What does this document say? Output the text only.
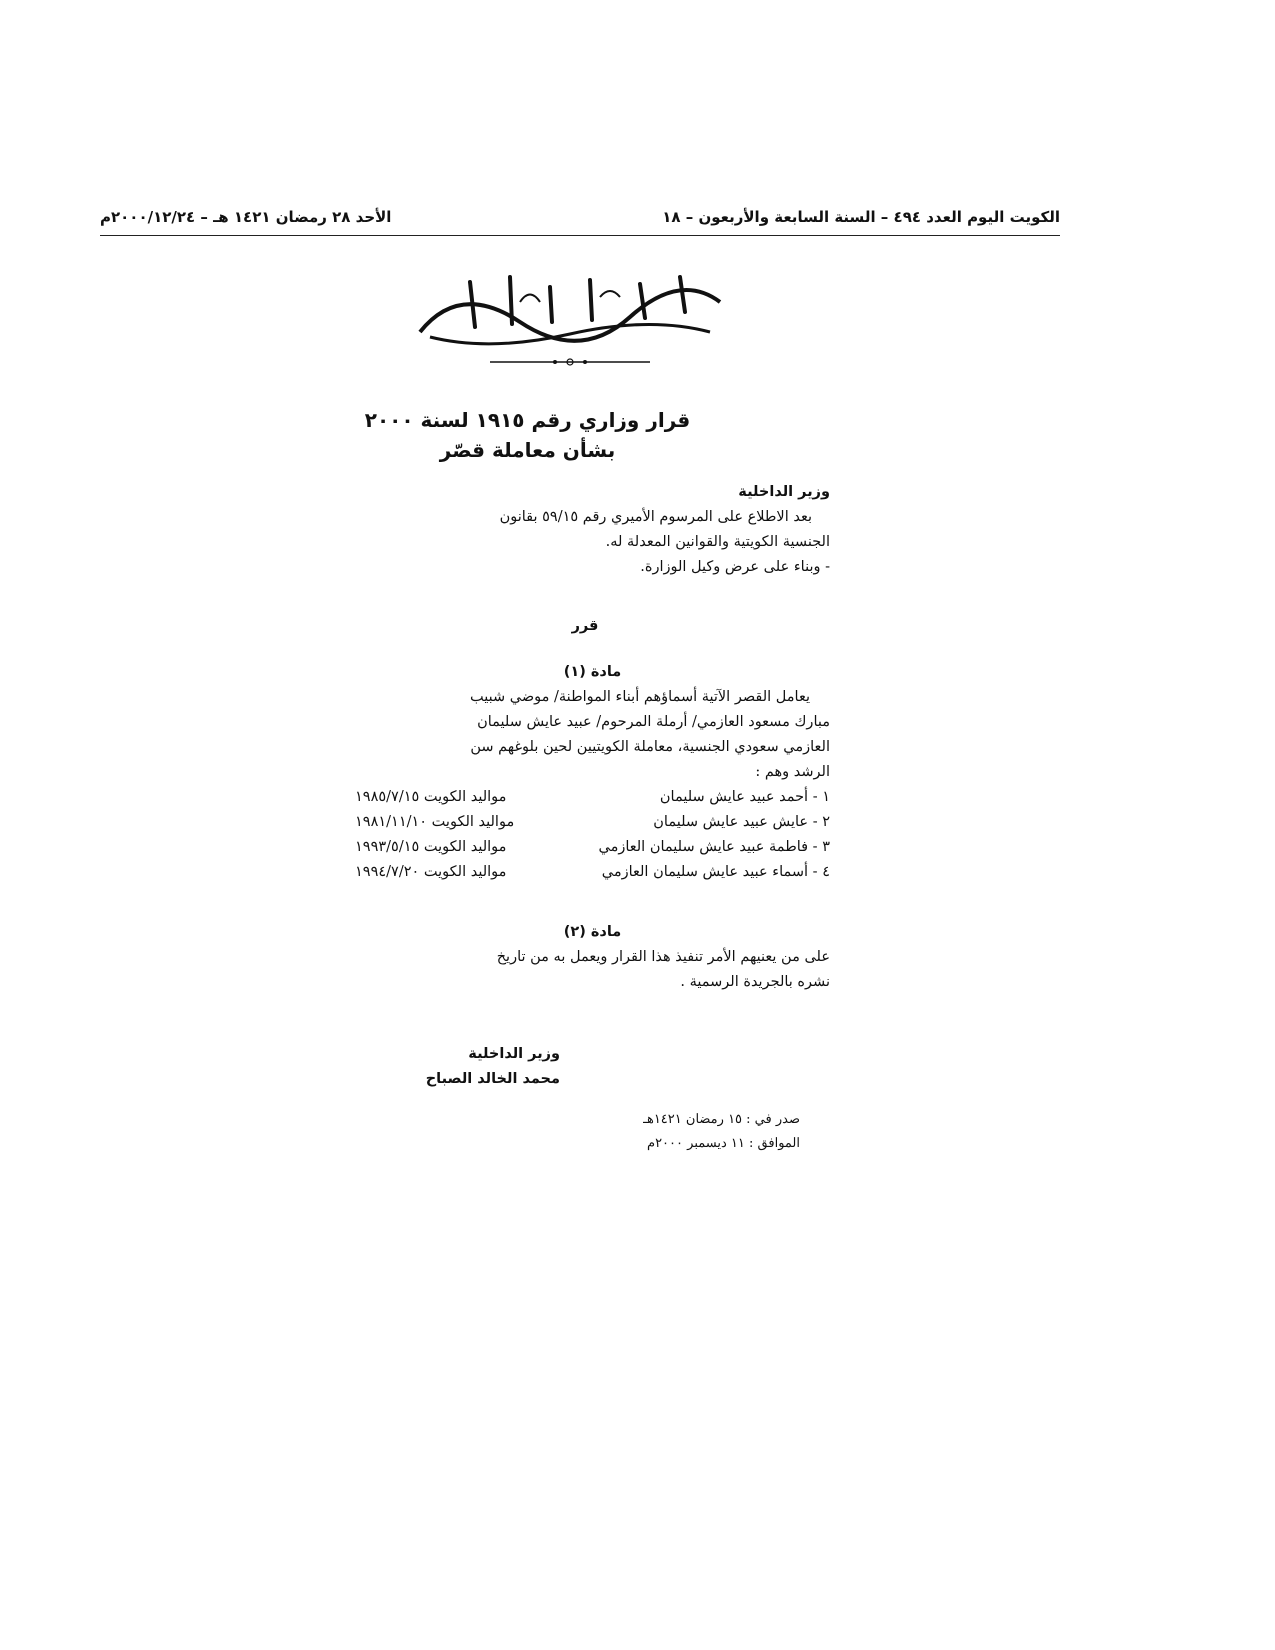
الكويت اليوم العدد ٤٩٤ – السنة السابعة والأربعون – ١٨
الأحد ٢٨ رمضان ١٤٢١ هـ – ٢٠٠٠/١٢/٢٤م
قرار وزاري رقم ١٩١٥ لسنة ٢٠٠٠
بشأن معاملة قصّر
وزير الداخلية
بعد الاطلاع على المرسوم الأميري رقم ٥٩/١٥ بقانون
الجنسية الكويتية والقوانين المعدلة له.
- وبناء على عرض وكيل الوزارة.
قرر
مادة (١)
يعامل القصر الآتية أسماؤهم أبناء المواطنة/ موضي شبيب
مبارك مسعود العازمي/ أرملة المرحوم/ عبيد عايش سليمان
العازمي سعودي الجنسية، معاملة الكويتيين لحين بلوغهم سن
الرشد وهم :
١ - أحمد عبيد عايش سليمان
مواليد الكويت ١٩٨٥/٧/١٥
٢ - عايش عبيد عايش سليمان
مواليد الكويت ١٩٨١/١١/١٠
٣ - فاطمة عبيد عايش سليمان العازمي
مواليد الكويت ١٩٩٣/٥/١٥
٤ - أسماء عبيد عايش سليمان العازمي
مواليد الكويت ١٩٩٤/٧/٢٠
مادة (٢)
على من يعنيهم الأمر تنفيذ هذا القرار ويعمل به من تاريخ
نشره بالجريدة الرسمية .
وزير الداخلية
محمد الخالد الصباح
صدر في : ١٥ رمضان ١٤٢١هـ
الموافق : ١١ ديسمبر ٢٠٠٠م
